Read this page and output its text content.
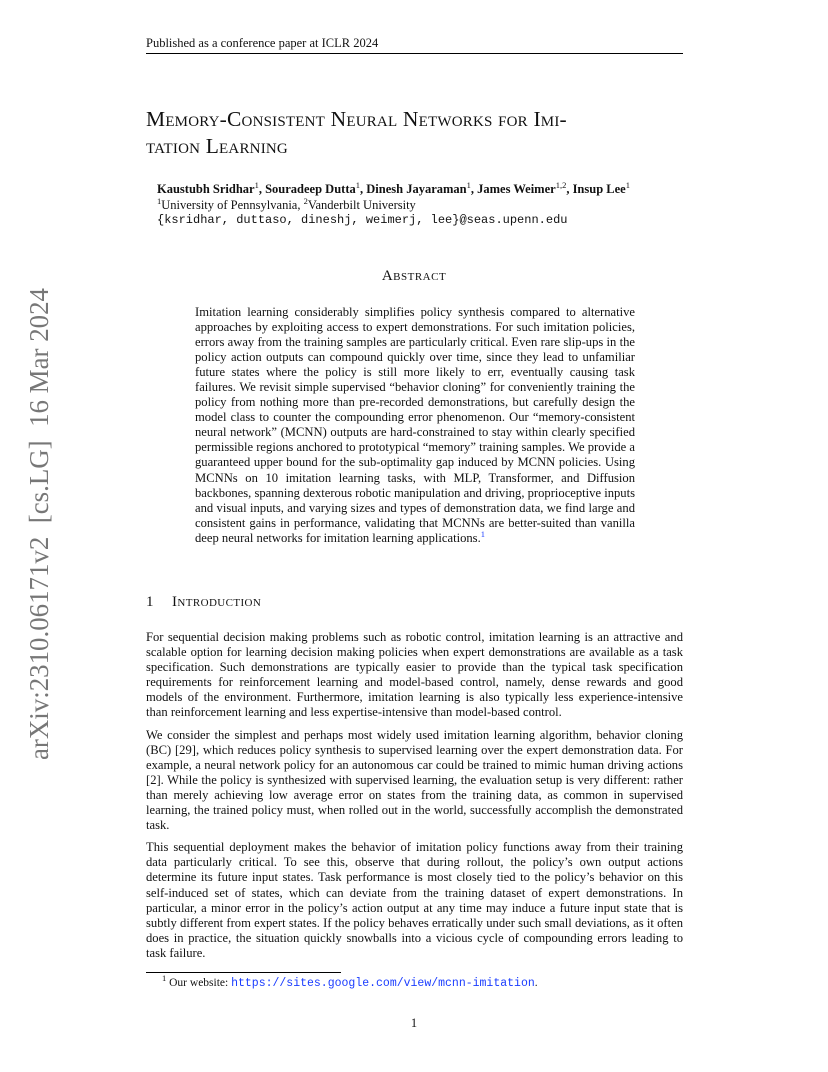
Published as a conference paper at ICLR 2024
arXiv:2310.06171v2  [cs.LG]  16 Mar 2024
Memory-Consistent Neural Networks for Imi-
tation Learning
Kaustubh Sridhar$^1$, Souradeep Dutta$^1$, Dinesh Jayaraman$^1$, James Weimer$^{1,2}$, Insup Lee$^1$
$^1$University of Pennsylvania, $^2$Vanderbilt University
{ksridhar, duttaso, dineshj, weimerj, lee}@seas.upenn.edu
Abstract
Imitation learning considerably simplifies policy synthesis compared to alternative approaches by exploiting access to expert demonstrations. For such imitation policies, errors away from the training samples are particularly critical. Even rare slip-ups in the policy action outputs can compound quickly over time, since they lead to unfamiliar future states where the policy is still more likely to err, eventually causing task failures. We revisit simple supervised “behavior cloning” for conveniently training the policy from nothing more than pre-recorded demonstrations, but carefully design the model class to counter the compounding error phenomenon. Our “memory-consistent neural network” (MCNN) outputs are hard-constrained to stay within clearly specified permissible regions anchored to prototypical “memory” training samples. We provide a guaranteed upper bound for the sub-optimality gap induced by MCNN policies. Using MCNNs on 10 imitation learning tasks, with MLP, Transformer, and Diffusion backbones, spanning dexterous robotic manipulation and driving, proprioceptive inputs and visual inputs, and varying sizes and types of demonstration data, we find large and consistent gains in performance, validating that MCNNs are better-suited than vanilla deep neural networks for imitation learning applications.$^1$
1 Introduction

For sequential decision making problems such as robotic control, imitation learning is an attractive and scalable option for learning decision making policies when expert demonstrations are available as a task specification. Such demonstrations are typically easier to provide than the typical task specification requirements for reinforcement learning and model-based control, namely, dense rewards and good models of the environment. Furthermore, imitation learning is also typically less experience-intensive than reinforcement learning and less expertise-intensive than model-based control.

We consider the simplest and perhaps most widely used imitation learning algorithm, behavior cloning (BC) [29], which reduces policy synthesis to supervised learning over the expert demonstration data. For example, a neural network policy for an autonomous car could be trained to mimic human driving actions [2]. While the policy is synthesized with supervised learning, the evaluation setup is very different: rather than merely achieving low average error on states from the training data, as common in supervised learning, the trained policy must, when rolled out in the world, successfully accomplish the demonstrated task.

This sequential deployment makes the behavior of imitation policy functions away from their training data particularly critical. To see this, observe that during rollout, the policy’s own output actions determine its future input states. Task performance is most closely tied to the policy’s behavior on this self-induced set of states, which can deviate from the training dataset of expert demonstrations. In particular, a minor error in the policy’s action output at any time may induce a future input state that is subtly different from expert states. If the policy behaves erratically under such small deviations, as it often does in practice, the situation quickly snowballs into a vicious cycle of compounding errors leading to task failure.

$^1$ Our website: https://sites.google.com/view/mcnn-imitation.
1
